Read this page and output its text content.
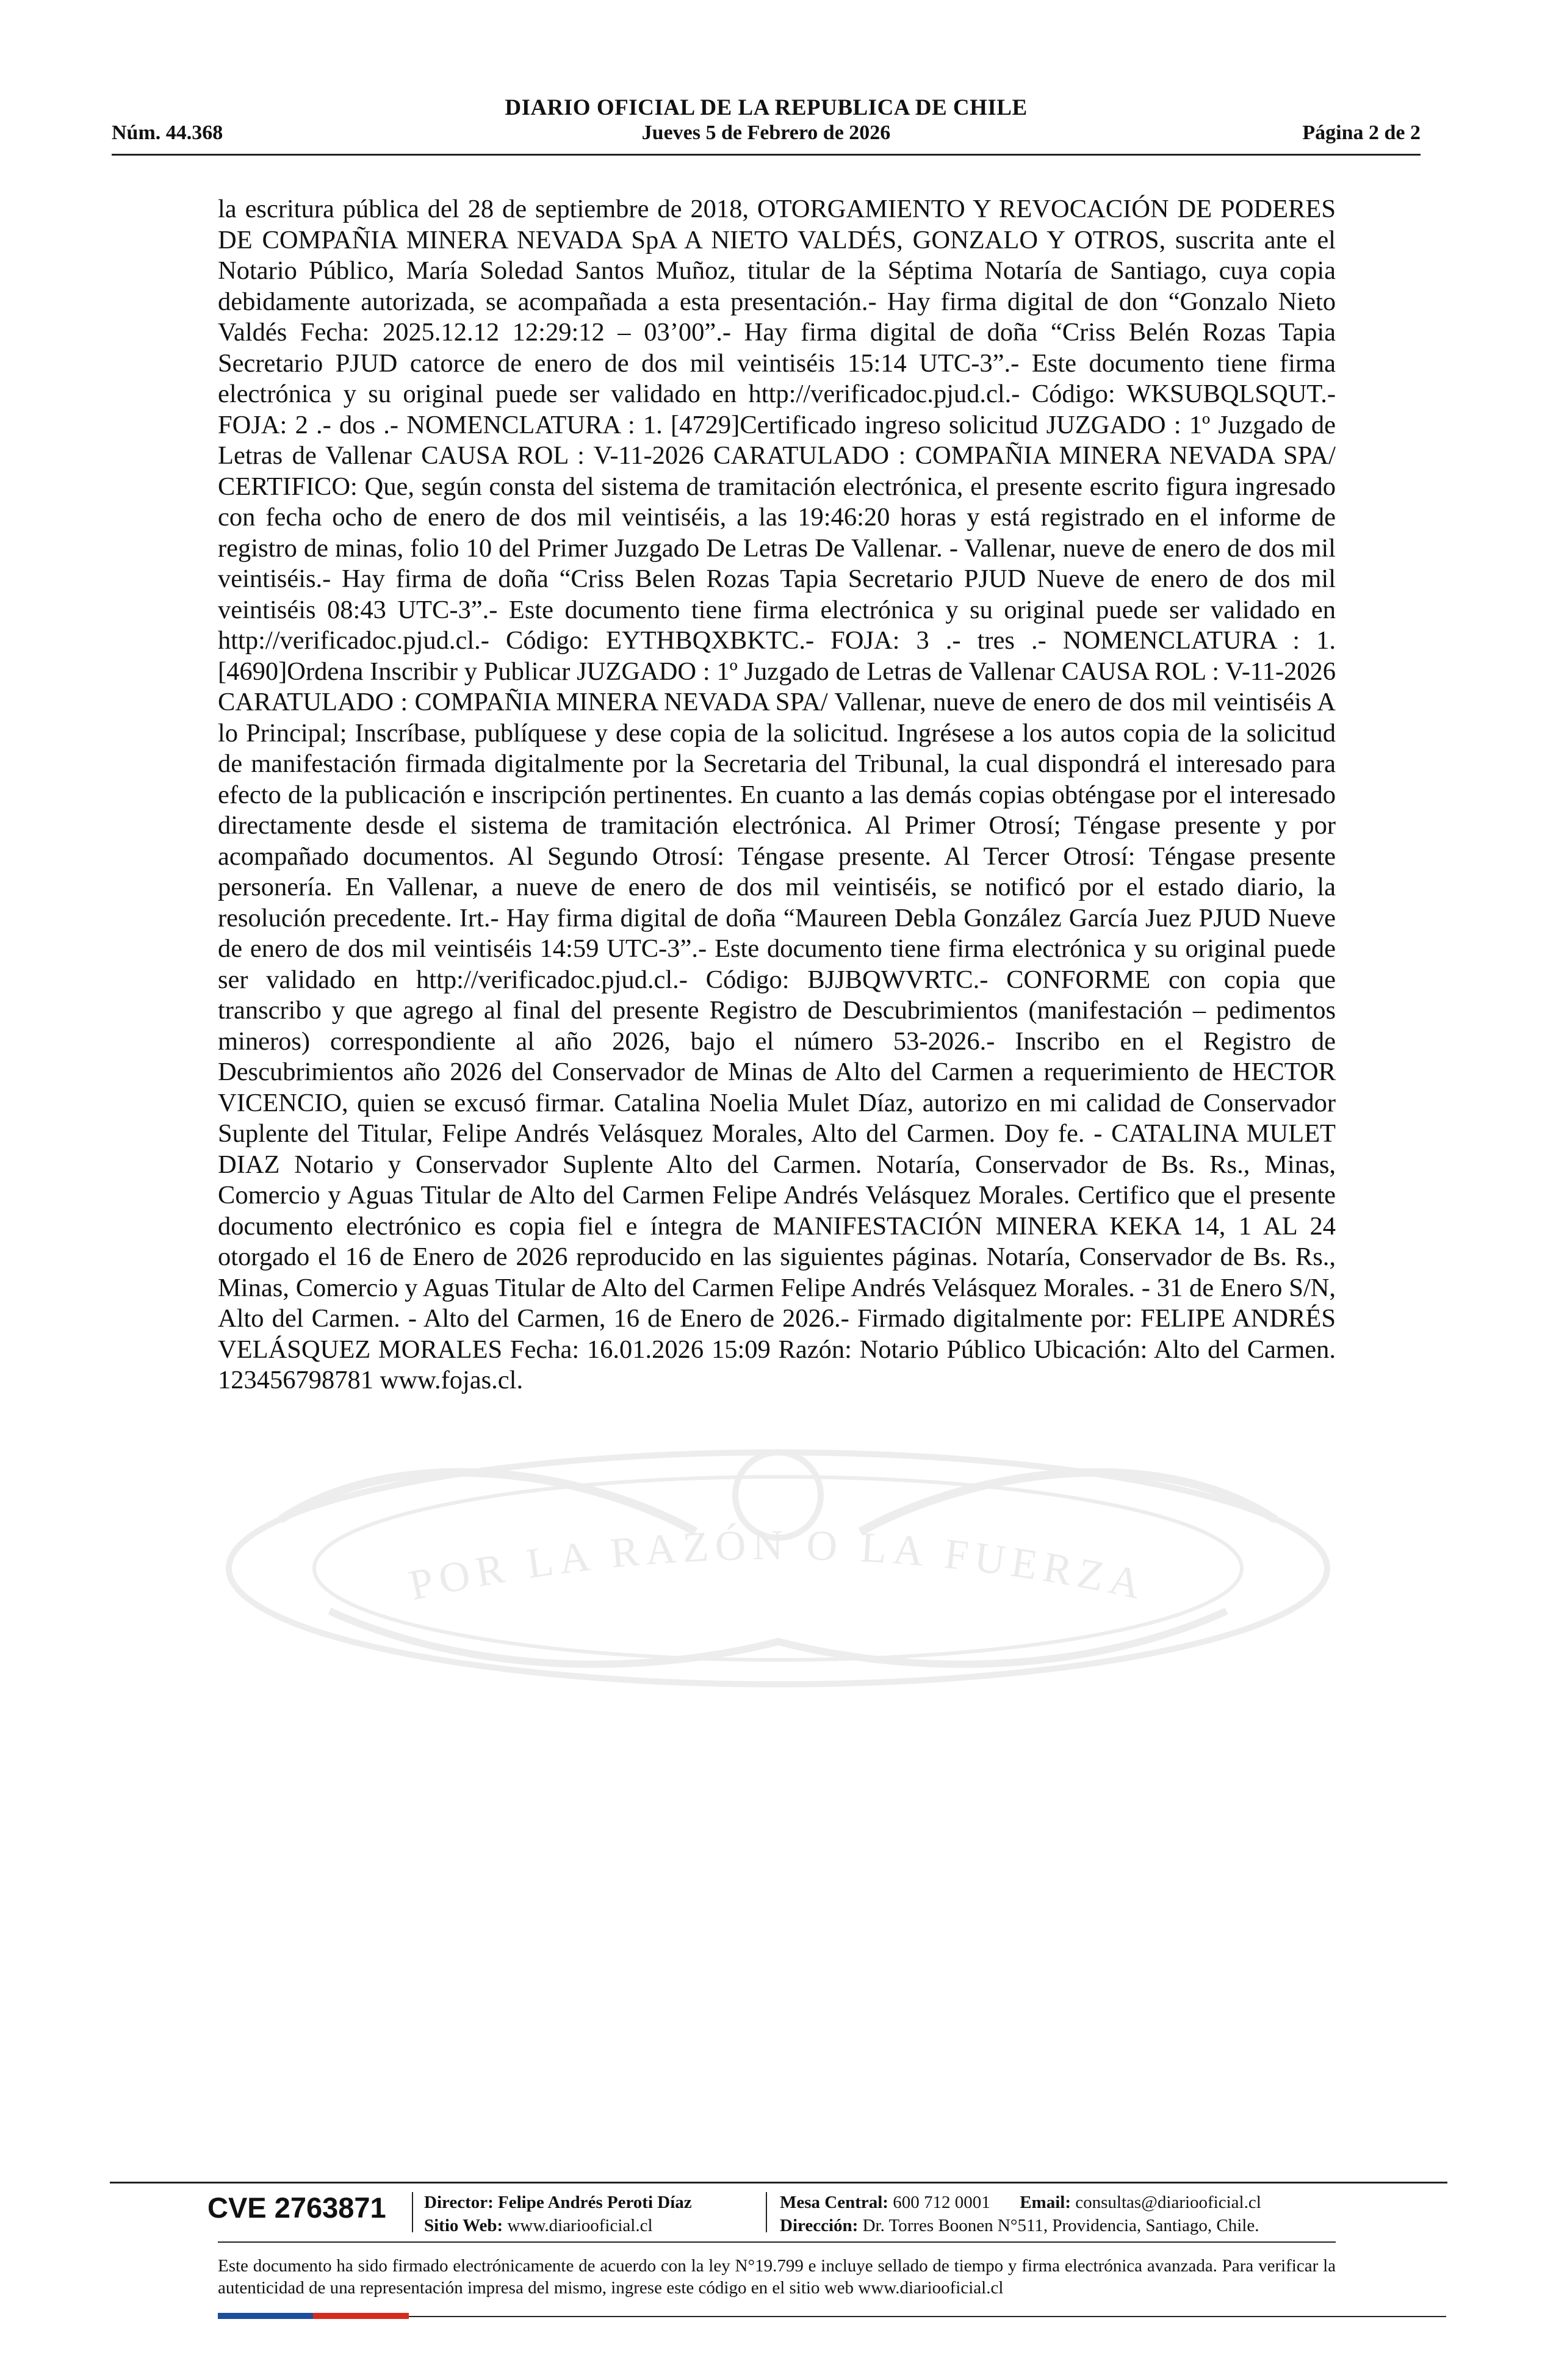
DIARIO OFICIAL DE LA REPUBLICA DE CHILE
Núm. 44.368	Jueves 5 de Febrero de 2026	Página 2 de 2
POR LA RAZÓN O LA FUERZA
la escritura pública del 28 de septiembre de 2018, OTORGAMIENTO Y REVOCACIÓN DE PODERES DE COMPAÑIA MINERA NEVADA SpA A NIETO VALDÉS, GONZALO Y OTROS, suscrita ante el Notario Público, María Soledad Santos Muñoz, titular de la Séptima Notaría de Santiago, cuya copia debidamente autorizada, se acompañada a esta presentación.- Hay firma digital de don “Gonzalo Nieto Valdés Fecha: 2025.12.12 12:29:12 – 03’00”.- Hay firma digital de doña “Criss Belén Rozas Tapia Secretario PJUD catorce de enero de dos mil veintiséis 15:14 UTC-3”.- Este documento tiene firma electrónica y su original puede ser validado en http://verificadoc.pjud.cl.- Código: WKSUBQLSQUT.- FOJA: 2 .- dos .- NOMENCLATURA : 1. [4729]Certificado ingreso solicitud JUZGADO : 1º Juzgado de Letras de Vallenar CAUSA ROL : V-11-2026 CARATULADO : COMPAÑIA MINERA NEVADA SPA/ CERTIFICO: Que, según consta del sistema de tramitación electrónica, el presente escrito figura ingresado con fecha ocho de enero de dos mil veintiséis, a las 19:46:20 horas y está registrado en el informe de registro de minas, folio 10 del Primer Juzgado De Letras De Vallenar. - Vallenar, nueve de enero de dos mil veintiséis.- Hay firma de doña “Criss Belen Rozas Tapia Secretario PJUD Nueve de enero de dos mil veintiséis 08:43 UTC-3”.- Este documento tiene firma electrónica y su original puede ser validado en http://verificadoc.pjud.cl.- Código: EYTHBQXBKTC.- FOJA: 3 .- tres .- NOMENCLATURA : 1. [4690]Ordena Inscribir y Publicar JUZGADO : 1º Juzgado de Letras de Vallenar CAUSA ROL : V-11-2026 CARATULADO : COMPAÑIA MINERA NEVADA SPA/ Vallenar, nueve de enero de dos mil veintiséis A lo Principal; Inscríbase, publíquese y dese copia de la solicitud. Ingrésese a los autos copia de la solicitud de manifestación firmada digitalmente por la Secretaria del Tribunal, la cual dispondrá el interesado para efecto de la publicación e inscripción pertinentes. En cuanto a las demás copias obténgase por el interesado directamente desde el sistema de tramitación electrónica. Al Primer Otrosí; Téngase presente y por acompañado documentos. Al Segundo Otrosí: Téngase presente. Al Tercer Otrosí: Téngase presente personería. En Vallenar, a nueve de enero de dos mil veintiséis, se notificó por el estado diario, la resolución precedente. Irt.- Hay firma digital de doña “Maureen Debla González García Juez PJUD Nueve de enero de dos mil veintiséis 14:59 UTC-3”.- Este documento tiene firma electrónica y su original puede ser validado en http://verificadoc.pjud.cl.- Código: BJJBQWVRTC.- CONFORME con copia que transcribo y que agrego al final del presente Registro de Descubrimientos (manifestación – pedimentos mineros) correspondiente al año 2026, bajo el número 53-2026.- Inscribo en el Registro de Descubrimientos año 2026 del Conservador de Minas de Alto del Carmen a requerimiento de HECTOR VICENCIO, quien se excusó firmar. Catalina Noelia Mulet Díaz, autorizo en mi calidad de Conservador Suplente del Titular, Felipe Andrés Velásquez Morales, Alto del Carmen. Doy fe. - CATALINA MULET DIAZ Notario y Conservador Suplente Alto del Carmen. Notaría, Conservador de Bs. Rs., Minas, Comercio y Aguas Titular de Alto del Carmen Felipe Andrés Velásquez Morales. Certifico que el presente documento electrónico es copia fiel e íntegra de MANIFESTACIÓN MINERA KEKA 14, 1 AL 24 otorgado el 16 de Enero de 2026 reproducido en las siguientes páginas. Notaría, Conservador de Bs. Rs., Minas, Comercio y Aguas Titular de Alto del Carmen Felipe Andrés Velásquez Morales. - 31 de Enero S/N, Alto del Carmen. - Alto del Carmen, 16 de Enero de 2026.- Firmado digitalmente por: FELIPE ANDRÉS VELÁSQUEZ MORALES Fecha: 16.01.2026 15:09 Razón: Notario Público Ubicación: Alto del Carmen. 123456798781 www.fojas.cl.
CVE 2763871 Director: Felipe Andrés Peroti Díaz
Sitio Web: www.diariooficial.cl
Mesa Central: 600 712 0001 Email: consultas@diariooficial.cl
Dirección: Dr. Torres Boonen N°511, Providencia, Santiago, Chile.
Este documento ha sido firmado electrónicamente de acuerdo con la ley N°19.799 e incluye sellado de tiempo y firma electrónica avanzada. Para verificar la autenticidad de una representación impresa del mismo, ingrese este código en el sitio web www.diariooficial.cl
